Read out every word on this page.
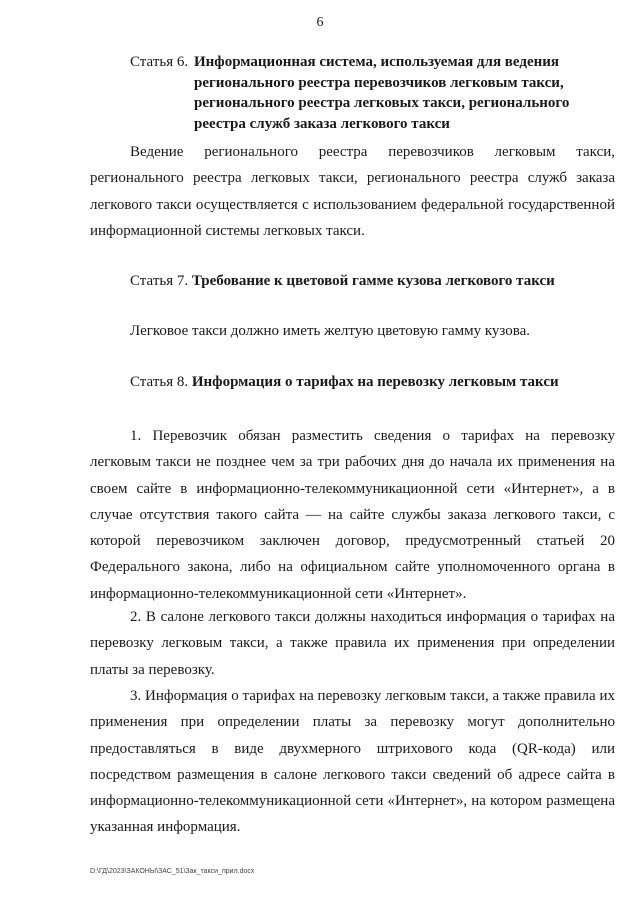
6
Статья 6. Информационная система, используемая для ведения регионального реестра перевозчиков легковым такси, регионального реестра легковых такси, регионального реестра служб заказа легкового такси
Ведение регионального реестра перевозчиков легковым такси, регионального реестра легковых такси, регионального реестра служб заказа легкового такси осуществляется с использованием федеральной государственной информационной системы легковых такси.
Статья 7. Требование к цветовой гамме кузова легкового такси
Легковое такси должно иметь желтую цветовую гамму кузова.
Статья 8. Информация о тарифах на перевозку легковым такси
1. Перевозчик обязан разместить сведения о тарифах на перевозку легковым такси не позднее чем за три рабочих дня до начала их применения на своем сайте в информационно-телекоммуникационной сети «Интернет», а в случае отсутствия такого сайта — на сайте службы заказа легкового такси, с которой перевозчиком заключен договор, предусмотренный статьей 20 Федерального закона, либо на официальном сайте уполномоченного органа в информационно-телекоммуникационной сети «Интернет».
2. В салоне легкового такси должны находиться информация о тарифах на перевозку легковым такси, а также правила их применения при определении платы за перевозку.
3. Информация о тарифах на перевозку легковым такси, а также правила их применения при определении платы за перевозку могут дополнительно предоставляться в виде двухмерного штрихового кода (QR-кода) или посредством размещения в салоне легкового такси сведений об адресе сайта в информационно-телекоммуникационной сети «Интернет», на котором размещена указанная информация.
D:\ГД\2023\ЗАКОНЫ\ЗАС_51\Зак_такси_прил.docx
